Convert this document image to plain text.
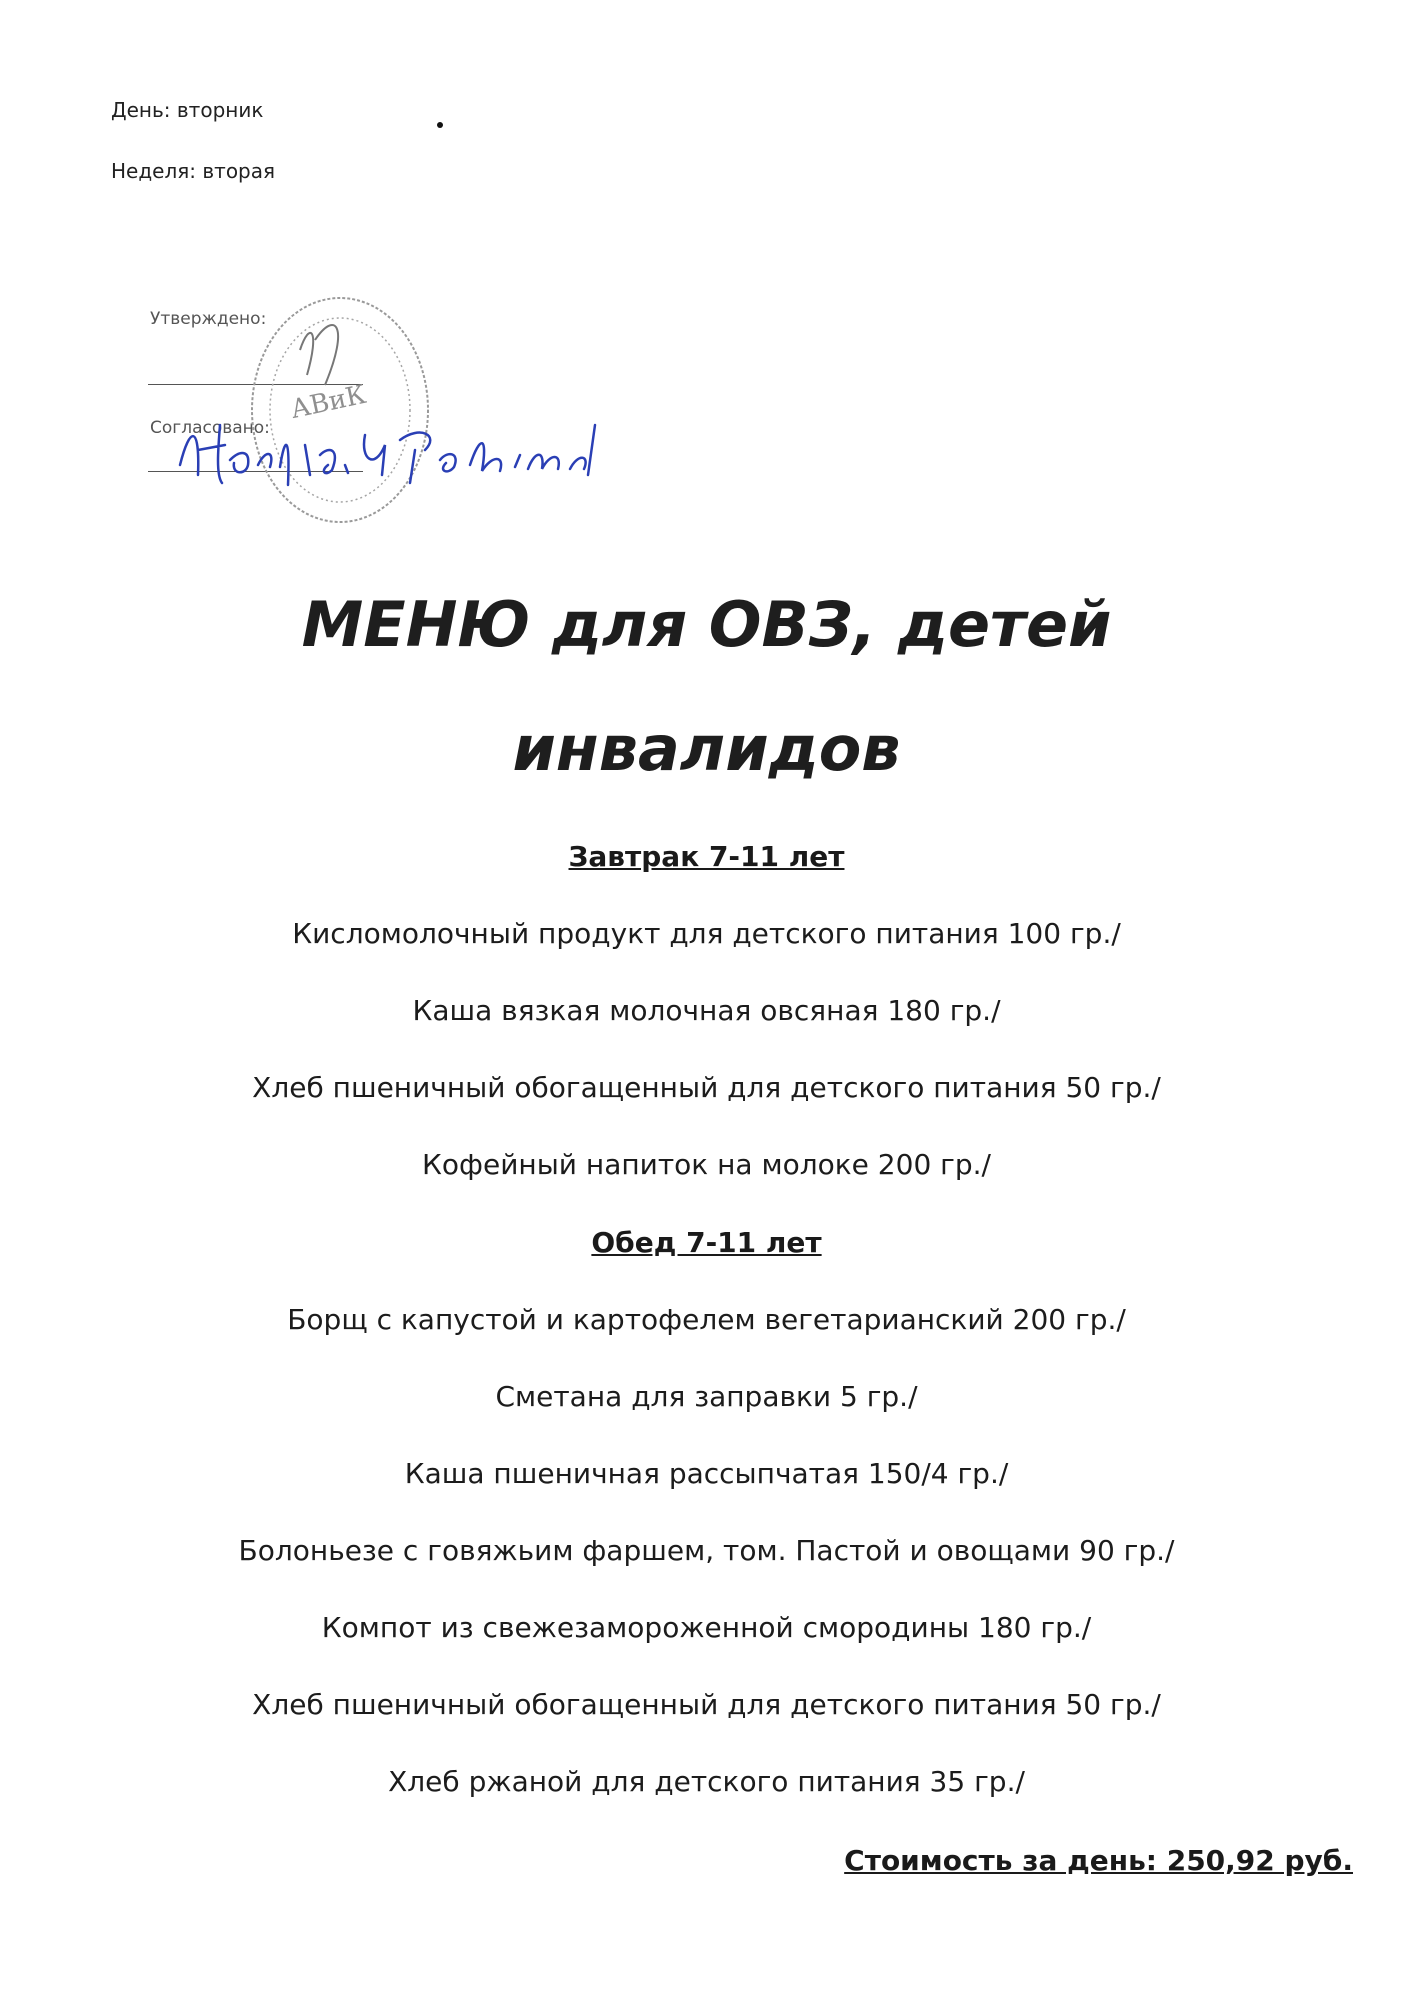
День: вторник
Неделя: вторая
Утверждено:
Согласовано:
АВиК
МЕНЮ для ОВЗ, детей
инвалидов
Завтрак 7-11 лет
Кисломолочный продукт для детского питания 100 гр./
Каша вязкая молочная овсяная 180 гр./
Хлеб пшеничный обогащенный для детского питания 50 гр./
Кофейный напиток на молоке 200 гр./
Обед 7-11 лет
Борщ с капустой и картофелем вегетарианский 200 гр./
Сметана для заправки 5 гр./
Каша пшеничная рассыпчатая 150/4 гр./
Болоньезе с говяжьим фаршем, том. Пастой и овощами 90 гр./
Компот из свежезамороженной смородины 180 гр./
Хлеб пшеничный обогащенный для детского питания 50 гр./
Хлеб ржаной для детского питания 35 гр./
Стоимость за день: 250,92 руб.
